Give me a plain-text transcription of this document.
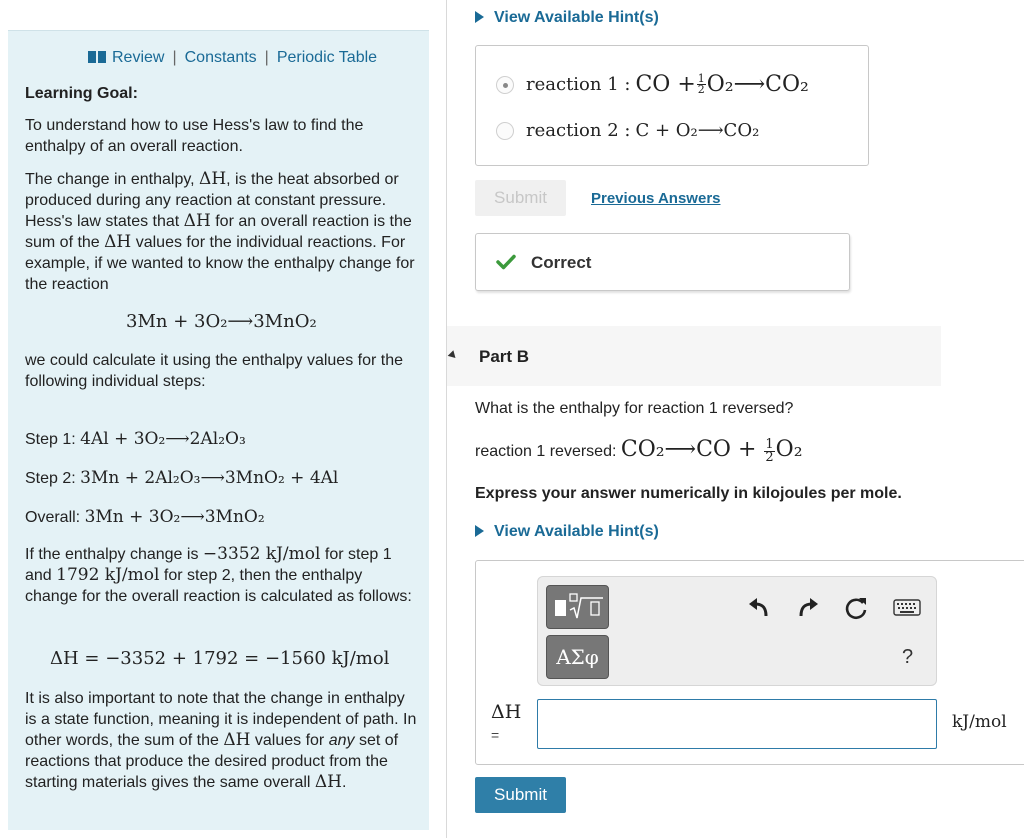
Review | Constants | Periodic Table
Learning Goal:
To understand how to use Hess's law to find the enthalpy of an overall reaction.
The change in enthalpy, ΔH, is the heat absorbed or produced during any reaction at constant pressure. Hess's law states that ΔH for an overall reaction is the sum of the ΔH values for the individual reactions. For example, if we wanted to know the enthalpy change for the reaction
3Mn + 3O₂⟶3MnO₂
we could calculate it using the enthalpy values for the following individual steps:
Step 1: 4Al + 3O₂⟶2Al₂O₃
Step 2: 3Mn + 2Al₂O₃⟶3MnO₂ + 4Al
Overall: 3Mn + 3O₂⟶3MnO₂
If the enthalpy change is −3352 kJ/mol for step 1 and 1792 kJ/mol for step 2, then the enthalpy change for the overall reaction is calculated as follows:
ΔH = −3352 + 1792 = −1560 kJ/mol
It is also important to note that the change in enthalpy is a state function, meaning it is independent of path. In other words, the sum of the ΔH values for any set of reactions that produce the desired product from the starting materials gives the same overall ΔH.
View Available Hint(s)
reaction 1 :
CO + $\frac{1}{2}$ O₂⟶CO₂
reaction 2 :
C + O₂⟶CO₂
Submit	Previous Answers
Correct
Part B
What is the enthalpy for reaction 1 reversed?
reaction 1 reversed: CO₂⟶CO + $\frac{1}{2} O_2$
Express your answer numerically in kilojoules per mole.
View Available Hint(s)
ΑΣφ	?
ΔH
=
kJ/mol
Submit
